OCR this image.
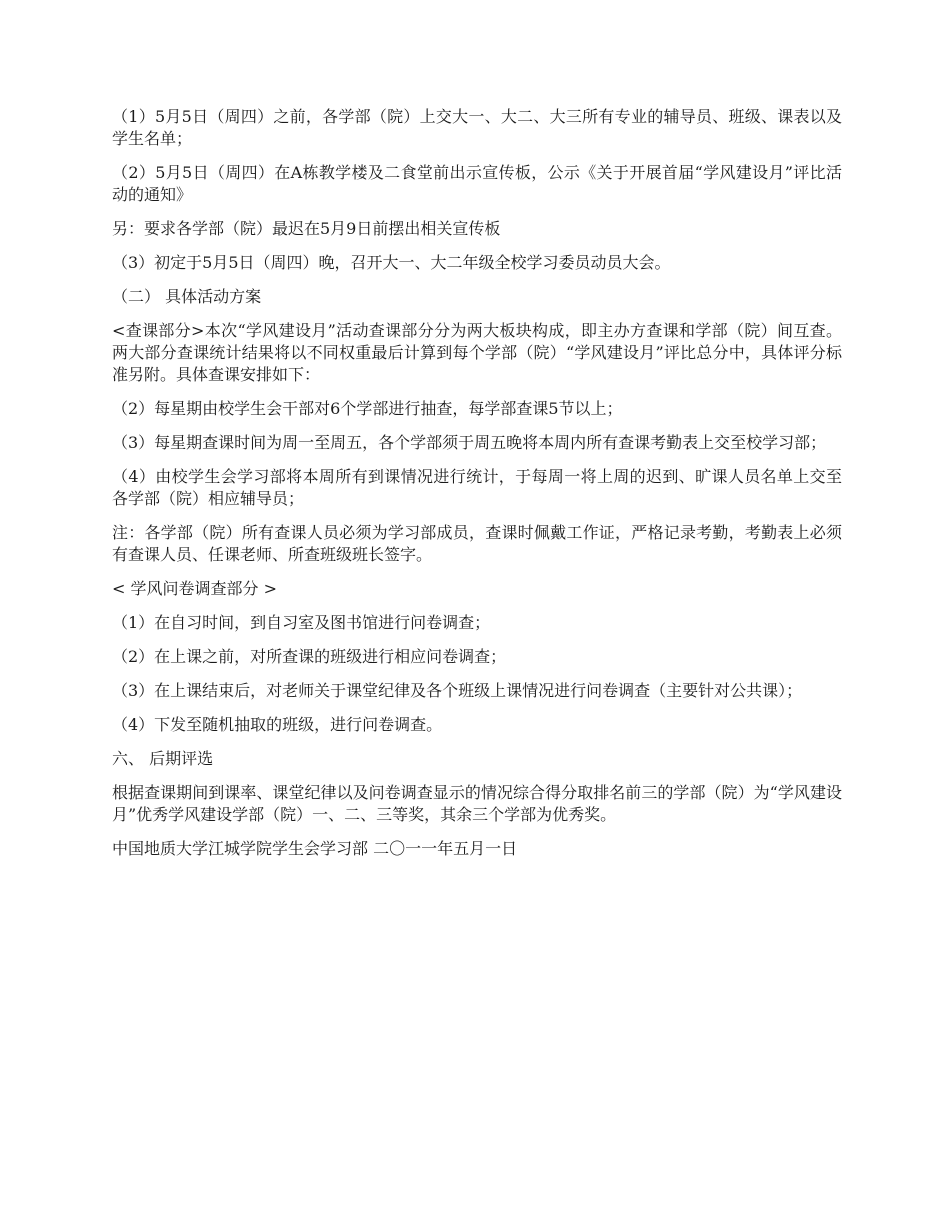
（1）5月5日（周四）之前，各学部（院）上交大一、大二、大三所有专业的辅导员、班级、课表以及学生名单；

（2）5月5日（周四）在A栋教学楼及二食堂前出示宣传板，公示《关于开展首届“学风建设月”评比活动的通知》

另：要求各学部（院）最迟在5月9日前摆出相关宣传板

（3）初定于5月5日（周四）晚，召开大一、大二年级全校学习委员动员大会。

（二） 具体活动方案

<查课部分>本次“学风建设月”活动查课部分分为两大板块构成，即主办方查课和学部（院）间互查。两大部分查课统计结果将以不同权重最后计算到每个学部（院）“学风建设月”评比总分中，具体评分标准另附。具体查课安排如下：

（2）每星期由校学生会干部对6个学部进行抽查，每学部查课5节以上；

（3）每星期查课时间为周一至周五，各个学部须于周五晚将本周内所有查课考勤表上交至校学习部；

（4）由校学生会学习部将本周所有到课情况进行统计，于每周一将上周的迟到、旷课人员名单上交至各学部（院）相应辅导员；

注：各学部（院）所有查课人员必须为学习部成员，查课时佩戴工作证，严格记录考勤，考勤表上必须有查课人员、任课老师、所查班级班长签字。

< 学风问卷调查部分 >

（1）在自习时间，到自习室及图书馆进行问卷调查；

（2）在上课之前，对所查课的班级进行相应问卷调查；

（3）在上课结束后，对老师关于课堂纪律及各个班级上课情况进行问卷调查（主要针对公共课）；

（4）下发至随机抽取的班级，进行问卷调查。

六、 后期评选

根据查课期间到课率、课堂纪律以及问卷调查显示的情况综合得分取排名前三的学部（院）为“学风建设月”优秀学风建设学部（院）一、二、三等奖，其余三个学部为优秀奖。

中国地质大学江城学院学生会学习部 二〇一一年五月一日
